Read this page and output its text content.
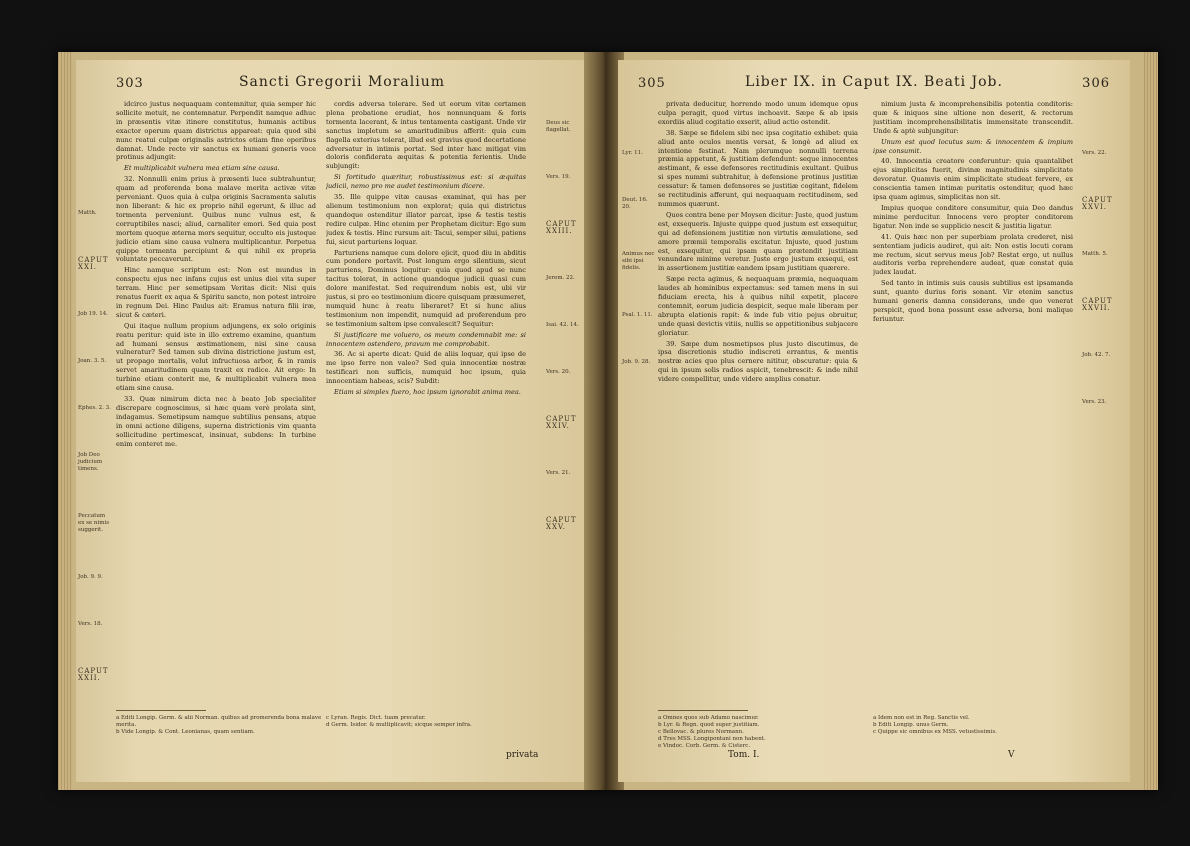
303	Sancti Gregorii Moralium
Matth.
CAPUT XXI.
Job 19. 14.
Joan. 3. 5.
Ephes. 2. 3.
Job Deo judicium timens.
Peccatum ex se nimis suggerit.
Job. 9. 9.
Vers. 18.
CAPUT XXII.

idcirco justus nequaquam contemnitur, quia semper hic sollicite metuit, ne contemnatur. Perpendit namque adhuc in præsentis vitæ itinere constitutus, humanis actibus exactor operum quam districtus appareat: quia quod sibi nunc reatui culpæ originalis astrictos etiam fine operibus damnat. Unde recte vir sanctus ex humani generis voce protinus adjungit:

Et multiplicabit vulnera mea etiam sine causa.

32. Nonnulli enim prius à præsenti luce subtrahuntur, quam ad proferenda bona malave merita activæ vitæ perveniant. Quos quia à culpa originis Sacramenta salutis non liberant: & hic ex proprio nihil egerunt, & illuc ad tormenta perveniunt. Quibus nunc vulnus est, & corruptibiles nasci; aliud, carnaliter emori. Sed quia post mortem quoque æterna mors sequitur, occulto eis justoque judicio etiam sine causa vulnera multiplicantur. Perpetua quippe tormenta percipiunt & qui nihil ex propria voluntate peccaverunt.

Hinc namque scriptum est: Non est mundus in conspectu ejus nec infans cujus est unius diei vita super terram. Hinc per semetipsam Veritas dicit: Nisi quis renatus fuerit ex aqua & Spiritu sancto, non potest introire in regnum Dei. Hinc Paulus ait: Eramus natura filii iræ, sicut & cæteri.

Qui itaque nullum propium adjungens, ex solo originis reatu peritur: quid iste in illo extremo examine, quantum ad humani sensus æstimationem, nisi sine causa vulneratur? Sed tamen sub divina districtione justum est, ut propago mortalis, velut infructuosa arbor, & in ramis servet amaritudinem quam traxit ex radice. Ait ergo: In turbine etiam conterit me, & multiplicabit vulnera mea etiam sine causa.

33. Quæ nimirum dicta nec à beato Job specialiter discrepare cognoscimus, si hæc quam verè prolata sint, indagamus. Semetipsum namque subtilius pensans, atque in omni actione diligens, superna districtionis vim quanta sollicitudine pertimescat, insinuat, subdens: In turbine enim conteret me.

cordis adversa tolerare. Sed ut eorum vitæ certamen plena probatione erudiat, hos nonnunquam & foris tormenta lacerant, & intus tentamenta castigant. Unde vir sanctus impletum se amaritudinibus afferit: quia cum flagella exterius tolerat, illud est gravius quod decertatione adversatur in intimis portat. Sed inter hæc mitigat vim doloris confiderata æquitas & potentia ferientis. Unde subjungit:

Si fortitudo quæritur, robustissimus est: si æquitas judicii, nemo pro me audet testimonium dicere.

35. Ille quippe vitæ causas examinat, qui has per alienum testimonium non explorat; quia qui districtus quandoque ostenditur illator parcat, ipse & testis testis redire culpæ. Hinc etenim per Prophetam dicitur: Ego sum judex & testis. Hinc rursum ait: Tacui, semper silui, patiens fui, sicut parturiens loquar.

Parturiens namque cum dolore ejicit, quod diu in abditis cum pondere portavit. Post longum ergo silentium, sicut parturiens, Dominus loquitur: quia quod apud se nunc tacitus tolerat, in actione quandoque judicii quasi cum dolore manifestat. Sed requirendum nobis est, ubi vir justus, si pro eo testimonium dicere quisquam præsumeret, numquid hunc à reatu liberaret? Et si hunc alius testimonium non impendit, numquid ad proferendum pro se testimonium saltem ipse convalescit? Sequitur:

Si justificare me voluero, os meum condemnabit me: si innocentem ostendero, pravum me comprobabit.

36. Ac si aperte dicat: Quid de aliis loquar, qui ipse de me ipso ferre non valeo? Sed quia innocentiæ nostræ testificari non sufficis, numquid hoc ipsum, quia innocentiam habeas, scis? Subdit:

Etiam si simplex fuero, hoc ipsum ignorabit anima mea.

Deus sic flagellat.
Vers. 19.
CAPUT XXIII.
Jerem. 22.
Isai. 42. 14.
Vers. 20.
CAPUT XXIV.
Vers. 21.
CAPUT XXV.
a Editi Longip. Germ. & alii Norman. quibus ad promerenda bona malave merita.
b Vide Longip. & Cont. Leonianas, quam sentiam.
c Lyran. Regis. Dict. tuam precatur.
d Germ. Isidor. & multiplicavit; sicque semper infra.
privata
305	Liber IX. in Caput IX. Beati Job.	306
Lyr. 11.
Deut. 16. 20.
Animus nec sibi ipsi fidelis.
Psal. 1. 11.
Job. 9. 28.

privata deducitur, horrendo modo unum idemque opus culpa peragit, quod virtus inchoavit. Sæpe & ab ipsis exordiis aliud cogitatio exserit, aliud actio ostendit.

38. Sæpe se fidelem sibi nec ipsa cogitatio exhibet: quia aliud ante oculos mentis versat, & longè ad aliud ex intentione festinat. Nam plerumque nonnulli terrena præmia appetunt, & justitiam defendunt: seque innocentes æstimant, & esse defensores rectitudinis exultant. Quibus si spes nummi subtrahitur, à defensione protinus justitiæ cessatur: & tamen defensores se justitiæ cogitant, fidelem se rectitudinis afferunt, qui nequaquam rectitudinem, sed nummos quærunt.

Quos contra bene per Moysen dicitur: Juste, quod justum est, exsequeris. Injuste quippe quod justum est exsequitur, qui ad defensionem justitiæ non virtutis æmulatione, sed amore præmii temporalis excitatur. Injuste, quod justum est, exsequitur, qui ipsam quam prætendit justitiam venundare minime veretur. Juste ergo justum exsequi, est in assertionem justitiæ eandem ipsam justitiam quærere.

Sæpe recta agimus, & nequaquam præmia, nequaquam laudes ab hominibus expectamus: sed tamen mens in sui fiduciam erecta, his à quibus nihil expetit, placere contemnit, eorum judicia despicit, seque male liberam per abrupta elationis rapit: & inde fub vitio pejus obruitur, unde quasi devictis vitiis, nullis se appetitionibus subjacere gloriatur.

39. Sæpe dum nosmetipsos plus justo discutimus, de ipsa discretionis studio indiscreti errantus, & mentis nostræ acies quo plus cernere nititur, obscuratur: quia & qui in ipsum solis radios aspicit, tenebrescit: & inde nihil videre compellitur, unde videre amplius conatur.

nimium justa & incomprehensibilis potentia conditoris: quæ & iniquos sine ultione non deserit, & rectorum justitiam incomprehensibilitatis immensitate transcendit. Unde & aptè subjungitur:

Unum est quod locutus sum: & innocentem & impium ipse consumit.

40. Innocentia creatore conferuntur: quia quantalibet ejus simplicitas fuerit, divinæ magnitudinis simplicitate devoratur. Quamvis enim simplicitate studeat fervere, ex conscientia tamen intimæ puritatis ostenditur, quod hæc ipsa quam agimus, simplicitas non sit.

Impius quoque conditore consumitur, quia Deo dandus minime perducitur. Innocens vero propter conditorem ligatur. Non inde se supplicio nescit & justitia ligatur.

41. Quis hæc non per superbiam prolata crederet, nisi sententiam judicis audiret, qui ait: Non estis locuti coram me rectum, sicut servus meus Job? Restat ergo, ut nullus auditoris verba reprehendere audeat, quæ constat quia judex laudat.

Sed tanto in intimis suis causis subtilius est ipsamanda sunt, quanto durius foris sonant. Vir etenim sanctus humani generis damna considerans, unde quo venerat perspicit, quod bona possunt esse adversa, boni malique feriuntur.

Vers. 22.
CAPUT XXVI.
Matth. 5.
CAPUT XXVII.
Job. 42. 7.
Vers. 23.
a Omnes quos sub Adamo nascimur.
b Lyr. & Regn. quod super justitiam.
c Bellovac. & plures Normann.
d Tres MSS. Longipontani non habent.
e Vindoc. Corb. Germ. & Cisterc.
a Idem non est in Reg. Sanctis vel.
b Editi Longip. unus Germ.
c Quippe sic omnibus ex MSS. vetustissimis.
Tom. I.	V
